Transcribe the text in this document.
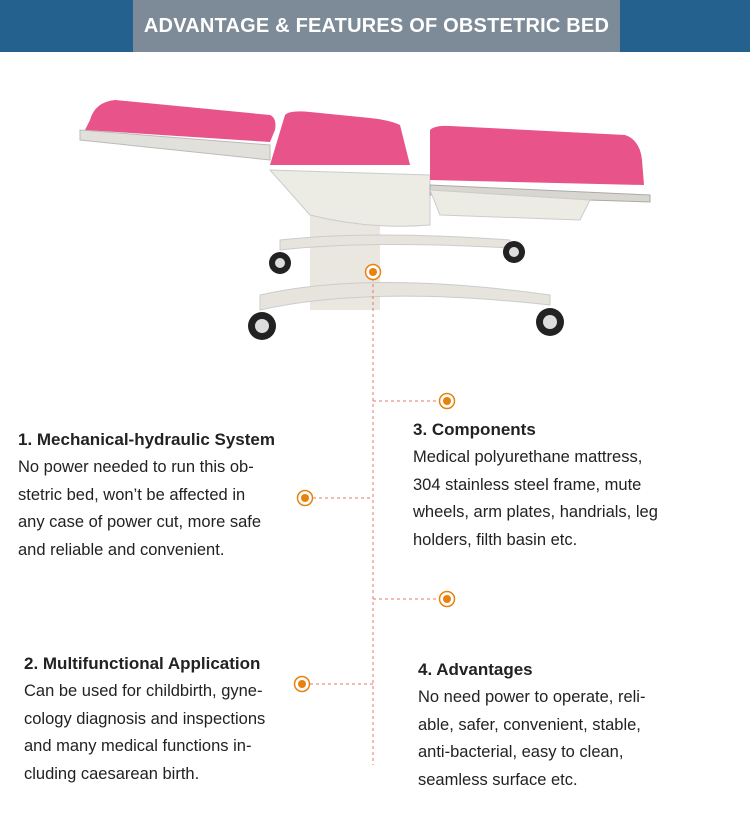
ADVANTAGE & FEATURES OF OBSTETRIC BED
1. Mechanical-hydraulic System

No power needed to run this ob-

stetric bed, won’t be affected in

any case of power cut, more safe

and reliable and convenient.

2. Multifunctional Application

Can be used for childbirth, gyne-

cology diagnosis and inspections

and many medical functions in-

cluding caesarean birth.

3. Components

Medical polyurethane mattress,

304 stainless steel frame, mute

wheels, arm plates, handrials, leg

holders, filth basin etc.

4. Advantages

No need power to operate, reli-

able, safer, convenient, stable,

anti-bacterial, easy to clean,

seamless surface etc.
